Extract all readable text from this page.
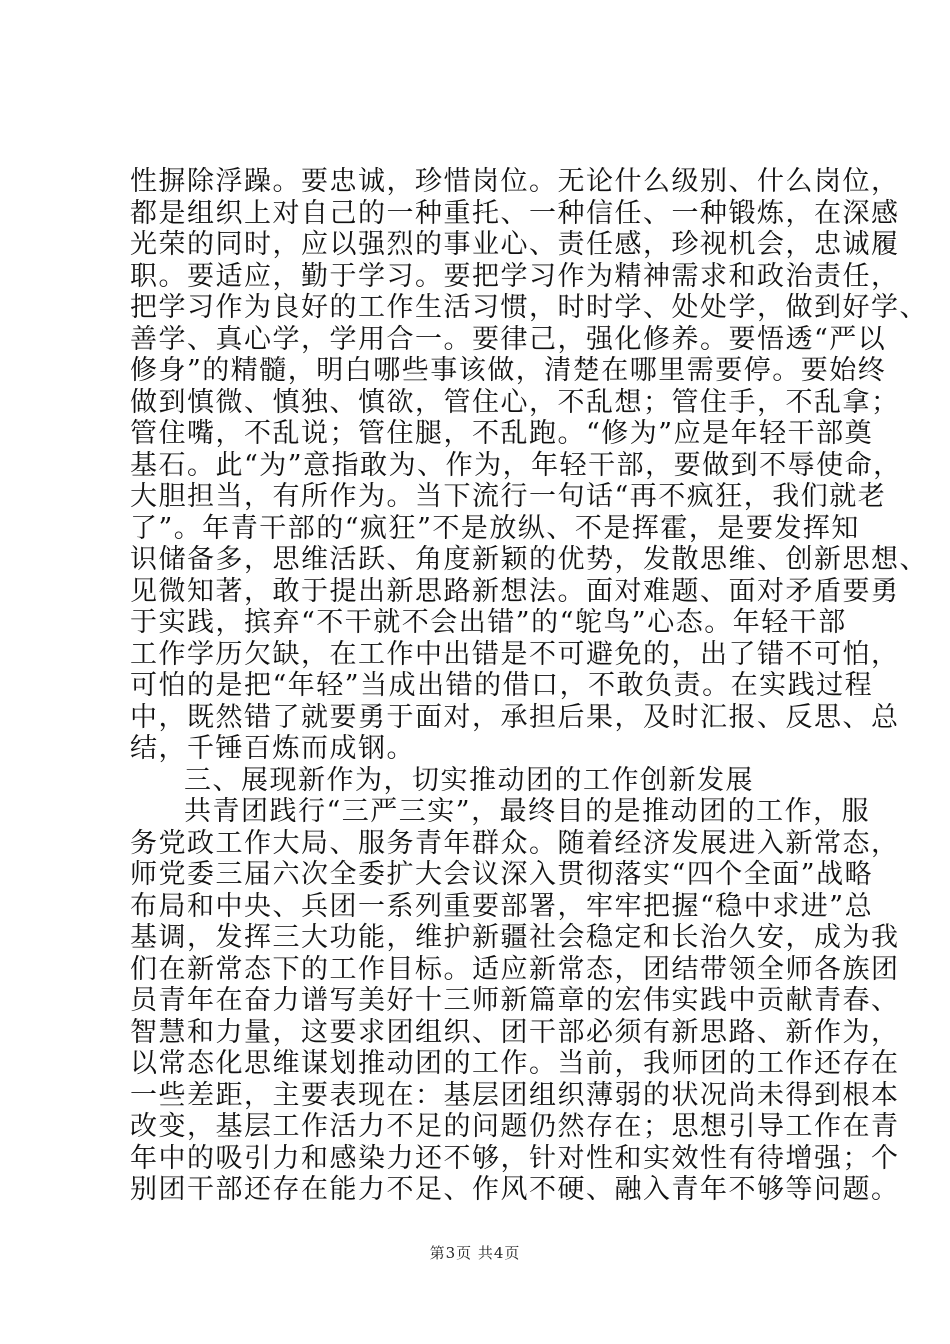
性摒除浮躁。要忠诚，珍惜岗位。无论什么级别、什么岗位，
都是组织上对自己的一种重托、一种信任、一种锻炼，在深感
光荣的同时，应以强烈的事业心、责任感，珍视机会，忠诚履
职。要适应，勤于学习。要把学习作为精神需求和政治责任，
把学习作为良好的工作生活习惯，时时学、处处学，做到好学、
善学、真心学，学用合一。要律己，强化修养。要悟透“严以
修身”的精髓，明白哪些事该做，清楚在哪里需要停。要始终
做到慎微、慎独、慎欲，管住心，不乱想；管住手，不乱拿；
管住嘴，不乱说；管住腿，不乱跑。“修为”应是年轻干部奠
基石。此“为”意指敢为、作为，年轻干部，要做到不辱使命，
大胆担当，有所作为。当下流行一句话“再不疯狂，我们就老
了”。年青干部的“疯狂”不是放纵、不是挥霍，是要发挥知
识储备多，思维活跃、角度新颖的优势，发散思维、创新思想、
见微知著，敢于提出新思路新想法。面对难题、面对矛盾要勇
于实践，摈弃“不干就不会出错”的“鸵鸟”心态。年轻干部
工作学历欠缺，在工作中出错是不可避免的，出了错不可怕，
可怕的是把“年轻”当成出错的借口，不敢负责。在实践过程
中，既然错了就要勇于面对，承担后果，及时汇报、反思、总
结，千锤百炼而成钢。
三、展现新作为，切实推动团的工作创新发展
共青团践行“三严三实”，最终目的是推动团的工作，服
务党政工作大局、服务青年群众。随着经济发展进入新常态，
师党委三届六次全委扩大会议深入贯彻落实“四个全面”战略
布局和中央、兵团一系列重要部署，牢牢把握“稳中求进”总
基调，发挥三大功能，维护新疆社会稳定和长治久安，成为我
们在新常态下的工作目标。适应新常态，团结带领全师各族团
员青年在奋力谱写美好十三师新篇章的宏伟实践中贡献青春、
智慧和力量，这要求团组织、团干部必须有新思路、新作为，
以常态化思维谋划推动团的工作。当前，我师团的工作还存在
一些差距，主要表现在：基层团组织薄弱的状况尚未得到根本
改变，基层工作活力不足的问题仍然存在；思想引导工作在青
年中的吸引力和感染力还不够，针对性和实效性有待增强；个
别团干部还存在能力不足、作风不硬、融入青年不够等问题。
第3页 共4页
